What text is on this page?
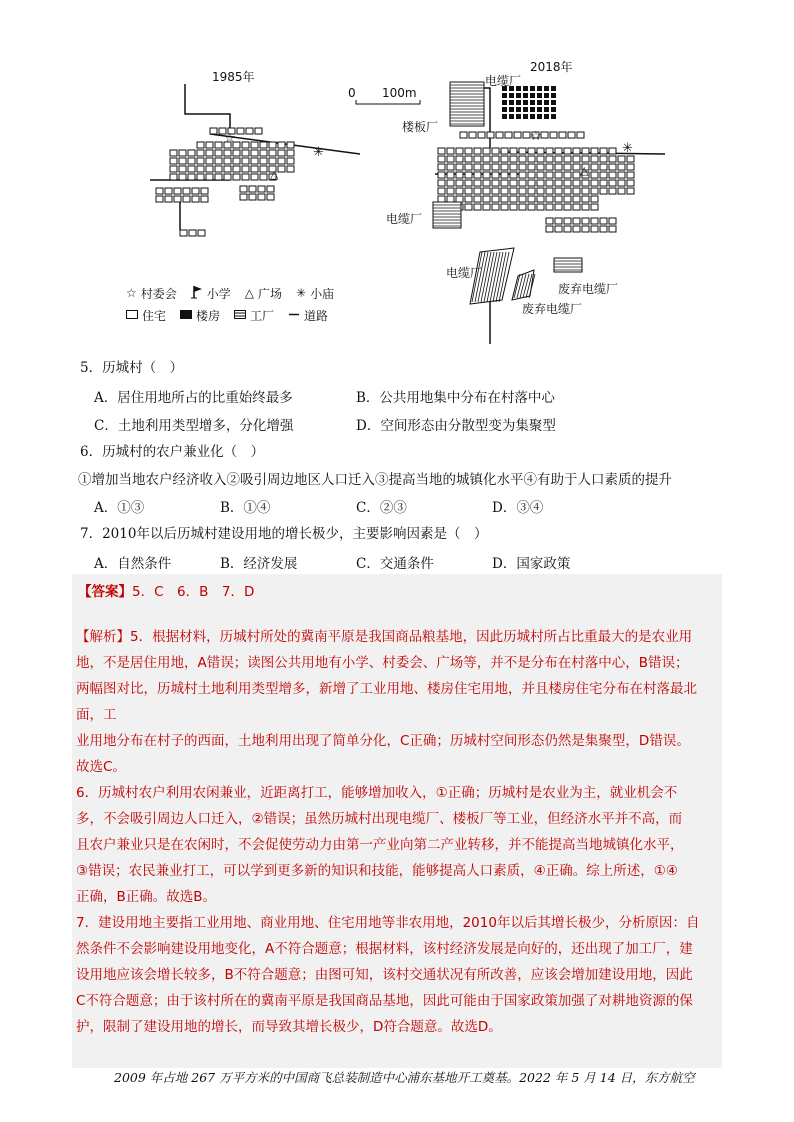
☆
△
✳
☆
△
✳
1985年
2018年
0 100m
电缆厂
楼板厂
电缆厂
电缆厂
废弃电缆厂
废弃电缆厂
☆ 村委会	小学 △ 广场 ✳ 小庙
住宅	楼房	工厂	道路
5．历城村（　）
A．居住用地所占的比重始终最多	B．公共用地集中分布在村落中心
C．土地利用类型增多，分化增强	D．空间形态由分散型变为集聚型
6．历城村的农户兼业化（　）
①增加当地农户经济收入②吸引周边地区人口迁入③提高当地的城镇化水平④有助于人口素质的提升
A．①③	B．①④	C．②③	D．③④
7．2010年以后历城村建设用地的增长极少，主要影响因素是（　）
A．自然条件	B．经济发展	C．交通条件	D．国家政策
【答案】5．C　6．B　7．D

【解析】5．根据材料，历城村所处的冀南平原是我国商品粮基地，因此历城村所占比重最大的是农业用

地，不是居住用地，A错误；读图公共用地有小学、村委会、广场等，并不是分布在村落中心，B错误；

两幅图对比，历城村土地利用类型增多，新增了工业用地、楼房住宅用地，并且楼房住宅分布在村落最北

面，工

业用地分布在村子的西面，土地利用出现了简单分化，C正确；历城村空间形态仍然是集聚型，D错误。

故选C。

6．历城村农户利用农闲兼业，近距离打工，能够增加收入，①正确；历城村是农业为主，就业机会不

多，不会吸引周边人口迁入，②错误；虽然历城村出现电缆厂、楼板厂等工业，但经济水平并不高，而

且农户兼业只是在农闲时，不会促使劳动力由第一产业向第二产业转移，并不能提高当地城镇化水平，

③错误；农民兼业打工，可以学到更多新的知识和技能，能够提高人口素质，④正确。综上所述，①④

正确，B正确。故选B。

7．建设用地主要指工业用地、商业用地、住宅用地等非农用地，2010年以后其增长极少，分析原因：自

然条件不会影响建设用地变化，A不符合题意；根据材料，该村经济发展是向好的，还出现了加工厂，建

设用地应该会增长较多，B不符合题意；由图可知，该村交通状况有所改善，应该会增加建设用地，因此

C不符合题意；由于该村所在的冀南平原是我国商品基地，因此可能由于国家政策加强了对耕地资源的保

护，限制了建设用地的增长，而导致其增长极少，D符合题意。故选D。

2009 年占地 267 万平方米的中国商飞总装制造中心浦东基地开工奠基。2022 年 5 月 14 日，东方航空
